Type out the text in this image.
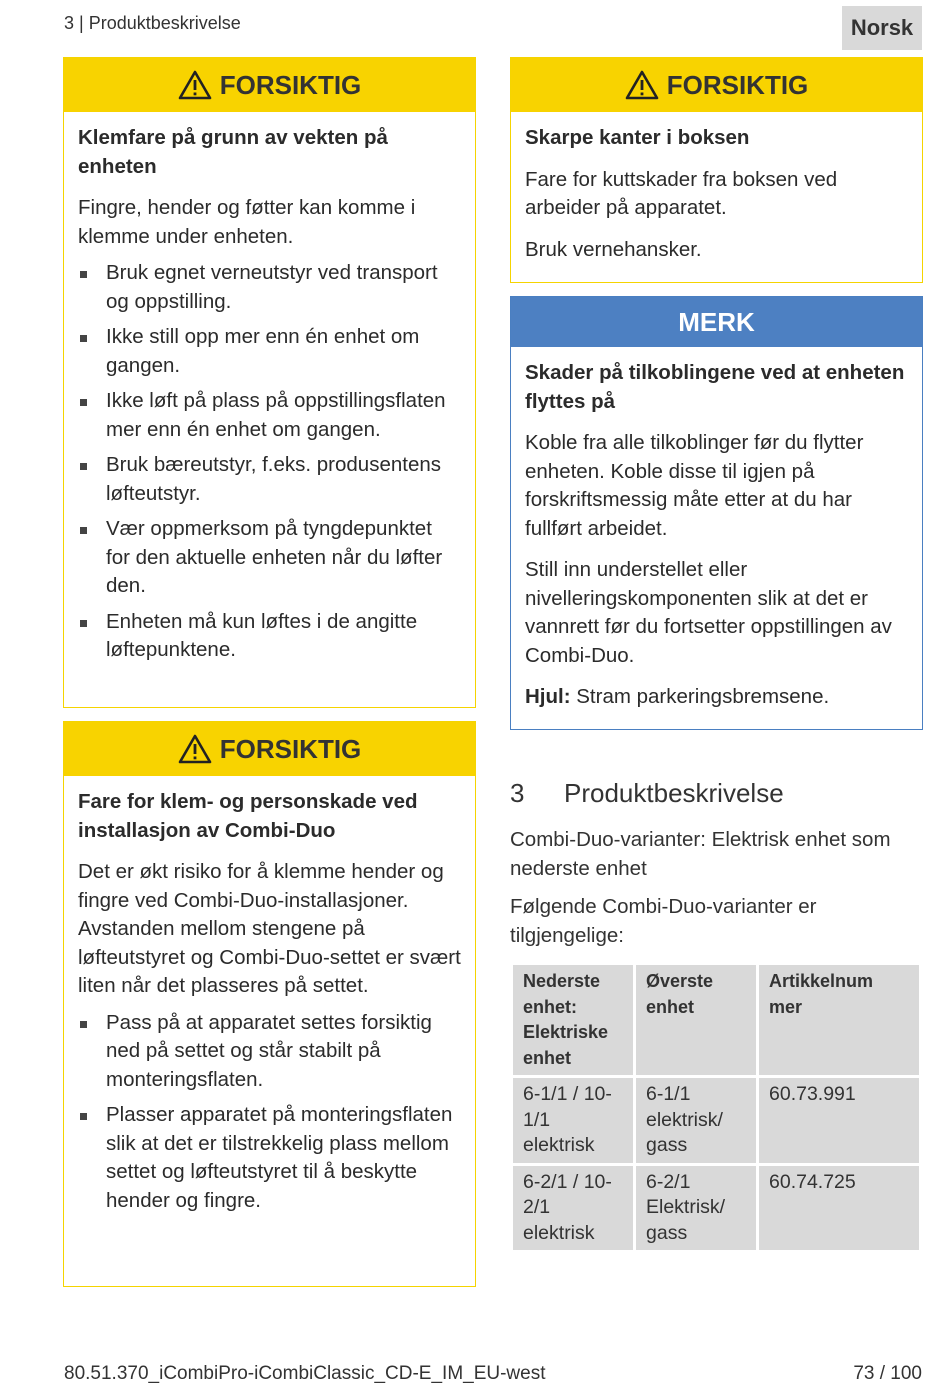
3 | Produktbeskrivelse	Norsk
FORSIKTIG

Klemfare på grunn av vekten på enheten

Fingre, hender og føtter kan komme i klemme under enheten.

Bruk egnet verneutstyr ved transport og oppstilling.
Ikke still opp mer enn én enhet om gangen.
Ikke løft på plass på oppstillingsflaten mer enn én enhet om gangen.
Bruk bæreutstyr, f.eks. produsentens løfteutstyr.
Vær oppmerksom på tyngdepunktet for den aktuelle enheten når du løfter den.
Enheten må kun løftes i de angitte løftepunktene.
FORSIKTIG

Fare for klem- og personskade ved installasjon av Combi-Duo

Det er økt risiko for å klemme hender og fingre ved Combi-Duo-installasjoner.
Avstanden mellom stengene på løfteutstyret og Combi-Duo-settet er svært liten når det plasseres på settet.

Pass på at apparatet settes forsiktig ned på settet og står stabilt på monteringsflaten.
Plasser apparatet på monteringsflaten slik at det er tilstrekkelig plass mellom settet og løfteutstyret til å beskytte hender og fingre.
FORSIKTIG

Skarpe kanter i boksen

Fare for kuttskader fra boksen ved arbeider på apparatet.

Bruk vernehansker.

MERK

Skader på tilkoblingene ved at enheten flyttes på

Koble fra alle tilkoblinger før du flytter enheten. Koble disse til igjen på forskriftsmessig måte etter at du har fullført arbeidet.

Still inn understellet eller nivelleringskomponenten slik at det er vannrett før du fortsetter oppstillingen av Combi-Duo.

Hjul: Stram parkeringsbremsene.

3 Produktbeskrivelse
Combi-Duo-varianter: Elektrisk enhet som nederste enhet
Følgende Combi-Duo-varianter er tilgjengelige:
Nederste enhet: Elektriske enhet	Øverste enhet	Artikkelnum mer
6-1/1 / 10-1/1 elektrisk	6-1/1 elektrisk/ gass	60.73.991
6-2/1 / 10-2/1 elektrisk	6-2/1 Elektrisk/ gass	60.74.725
80.51.370_iCombiPro-iCombiClassic_CD-E_IM_EU-west	73 / 100
